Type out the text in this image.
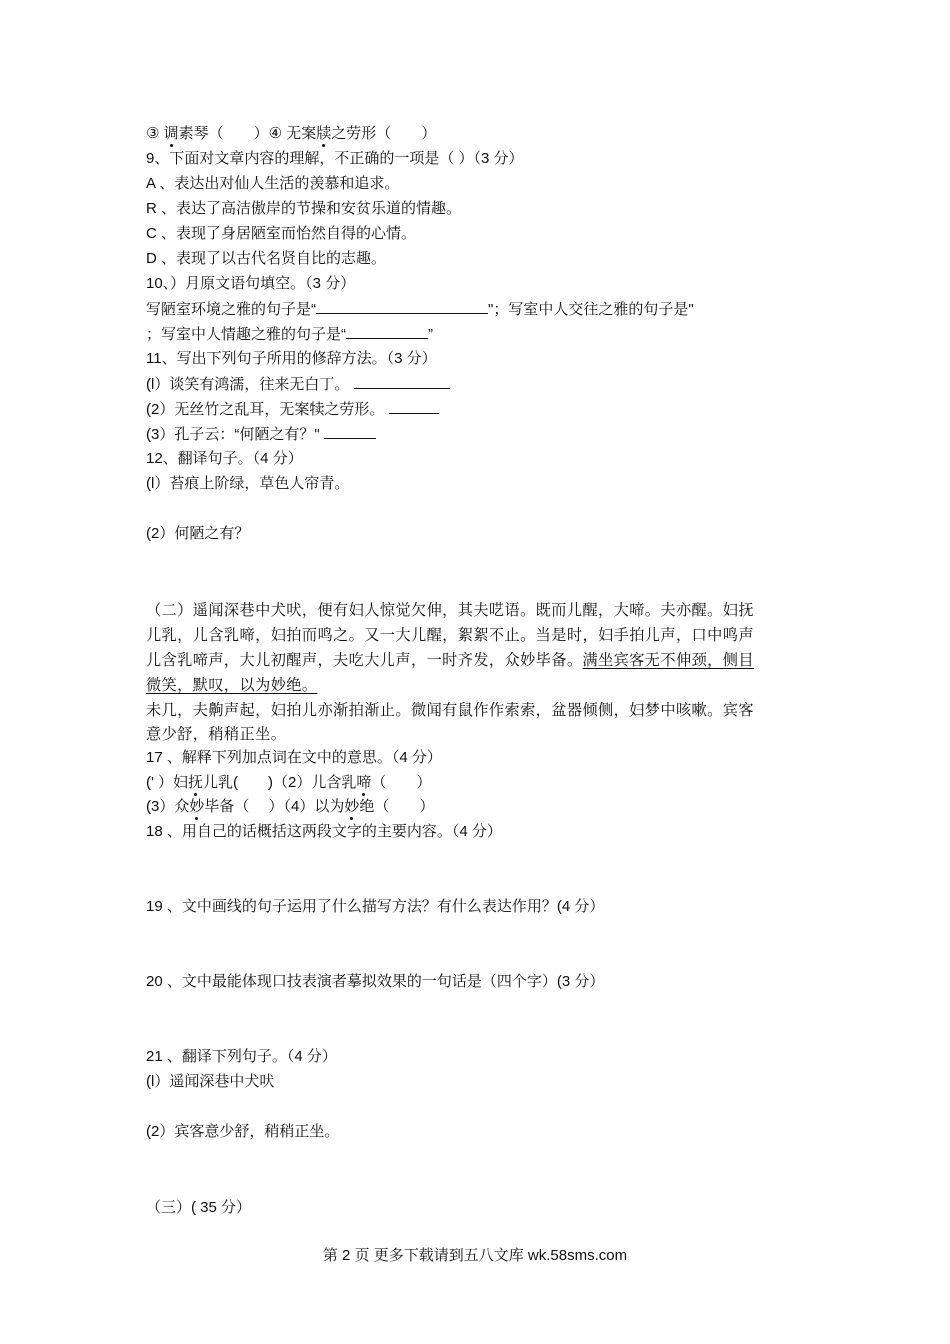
③ 调素琴（　　）④ 无案牍之劳形（　　）
9、下面对文章内容的理解，不正确的一项是（ ）（3 分）
A 、表达出对仙人生活的羡慕和追求。
R 、表达了高洁傲岸的节操和安贫乐道的情趣。
C 、表现了身居陋室而怡然自得的心情。
D 、表现了以古代名贤自比的志趣。
10、）月原文语句填空。（3 分）
写陋室环境之雅的句子是“	"；写室中人交往之雅的句子是"
；写室中人情趣之雅的句子是“	”
11、写出下列句子所用的修辞方法。（3 分）
(l）谈笑有鸿濡，往来无白丁。
(2）无丝竹之乱耳，无案犊之劳形。
(3）孔子云：“何陋之有？"
12、翻译句子。（4 分）
(l）苔痕上阶绿，草色人帘青。
(2）何陋之有？
（二）遥闻深巷中犬吠，便有妇人惊觉欠伸，其夫呓语。既而儿醒，大啼。夫亦醒。妇抚
儿乳，儿含乳啼，妇拍而鸣之。又一大儿醒，絮絮不止。当是时，妇手拍儿声，口中鸣声
儿含乳啼声，大儿初醒声，夫吃大儿声，一时齐发，众妙毕备。满坐宾客无不伸颈，侧目
微笑，默叹，以为妙绝。
未几，夫齁声起，妇拍儿亦渐拍渐止。微闻有鼠作作索索，盆器倾侧，妇梦中咳嗽。宾客
意少舒，稍稍正坐。
17 、解释下列加点词在文中的意思。（4 分）
(' ）妇抚儿乳(　　)（2）儿含乳啼（　　）
(3）众妙毕备（　 ）（4）以为妙绝（　　）
18 、用自己的话概括这两段文字的主要内容。（4 分）
19 、文中画线的句子运用了什么描写方法？有什么表达作用？(4 分）
20 、文中最能体现口技表演者摹拟效果的一句话是（四个字）(3 分）
21 、翻译下列句子。（4 分）
(l）遥闻深巷中犬吠
(2）宾客意少舒，稍稍正坐。
（三）( 35 分）
第 2 页 更多下载请到五八文库 wk.58sms.com
